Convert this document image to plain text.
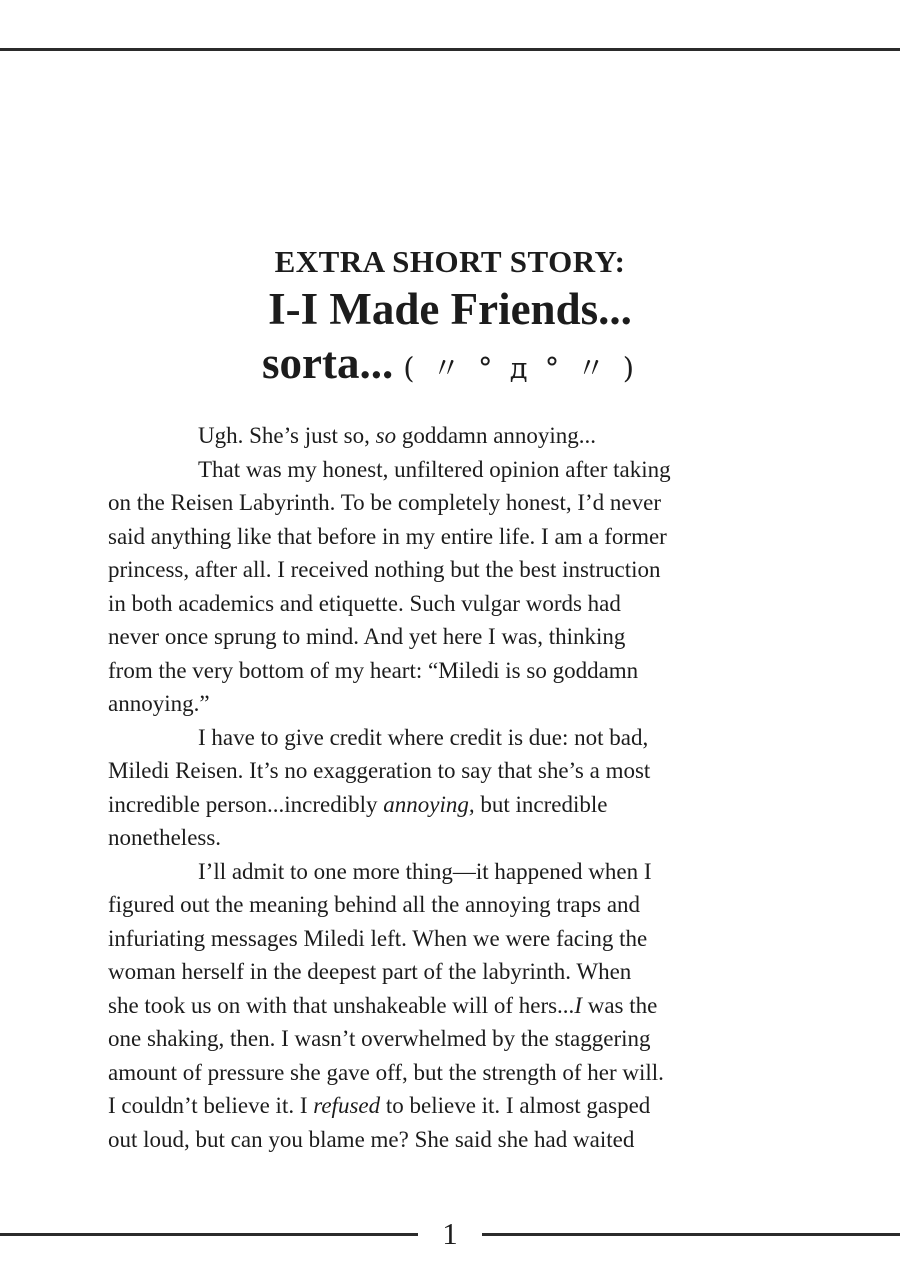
EXTRA SHORT STORY:
I-I Made Friends...
sorta... ( 〃 ° д ° 〃 )
Ugh. She’s just so, so goddamn annoying...
That was my honest, unfiltered opinion after taking
on the Reisen Labyrinth. To be completely honest, I’d never
said anything like that before in my entire life. I am a former
princess, after all. I received nothing but the best instruction
in both academics and etiquette. Such vulgar words had
never once sprung to mind. And yet here I was, thinking
from the very bottom of my heart: “Miledi is so goddamn
annoying.”
I have to give credit where credit is due: not bad,
Miledi Reisen. It’s no exaggeration to say that she’s a most
incredible person...incredibly annoying, but incredible
nonetheless.
I’ll admit to one more thing—it happened when I
figured out the meaning behind all the annoying traps and
infuriating messages Miledi left. When we were facing the
woman herself in the deepest part of the labyrinth. When
she took us on with that unshakeable will of hers...I was the
one shaking, then. I wasn’t overwhelmed by the staggering
amount of pressure she gave off, but the strength of her will.
I couldn’t believe it. I refused to believe it. I almost gasped
out loud, but can you blame me? She said she had waited
1
